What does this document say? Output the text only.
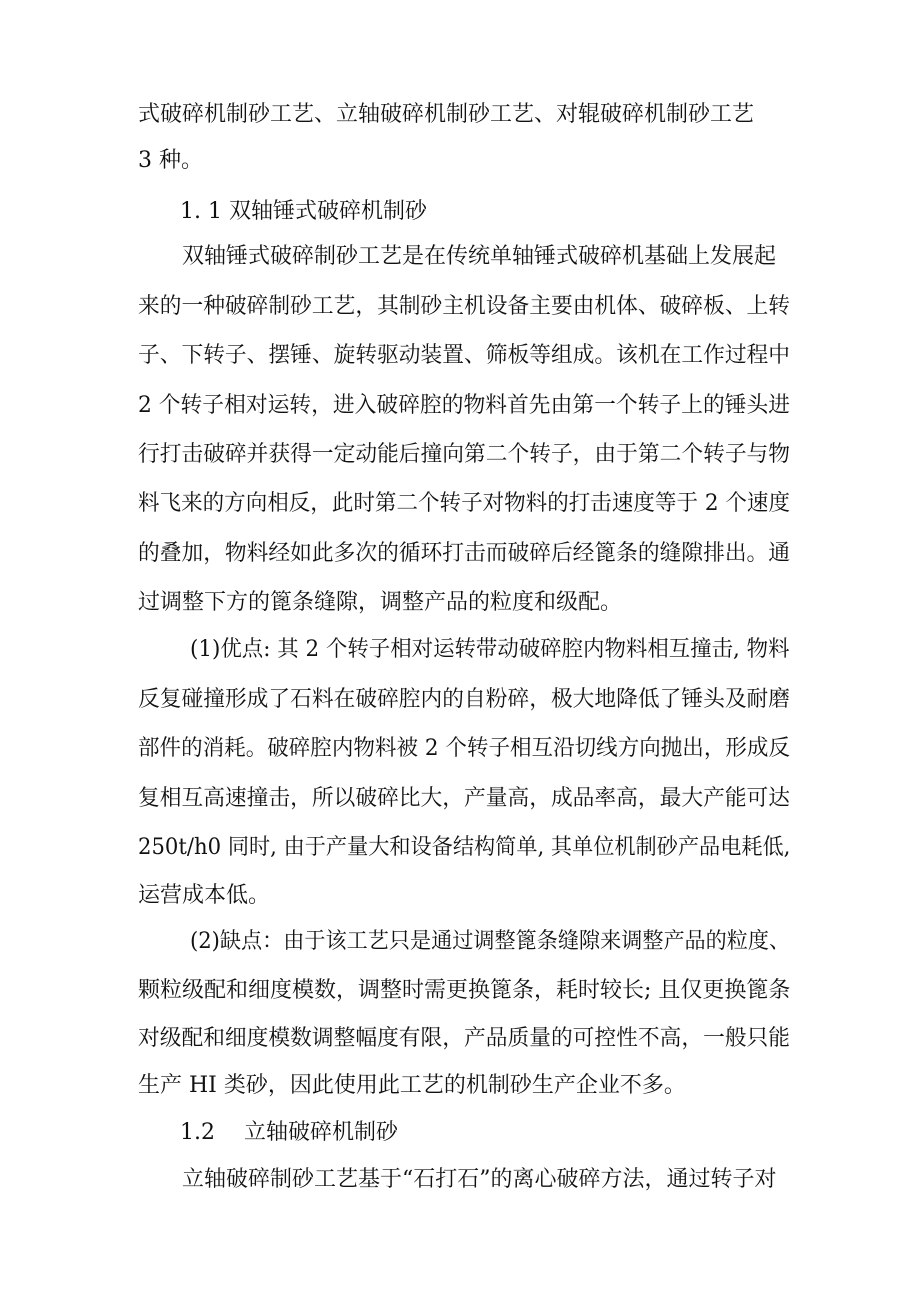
式破碎机制砂工艺、立轴破碎机制砂工艺、对辊破碎机制砂工艺
3 种。
1. 1 双轴锤式破碎机制砂
双轴锤式破碎制砂工艺是在传统单轴锤式破碎机基础上发展起
来的一种破碎制砂工艺，其制砂主机设备主要由机体、破碎板、上转
子、下转子、摆锤、旋转驱动装置、筛板等组成。该机在工作过程中
2 个转子相对运转，进入破碎腔的物料首先由第一个转子上的锤头进
行打击破碎并获得一定动能后撞向第二个转子，由于第二个转子与物
料飞来的方向相反，此时第二个转子对物料的打击速度等于 2 个速度
的叠加，物料经如此多次的循环打击而破碎后经篦条的缝隙排出。通
过调整下方的篦条缝隙，调整产品的粒度和级配。
(1)优点: 其 2 个转子相对运转带动破碎腔内物料相互撞击, 物料
反复碰撞形成了石料在破碎腔内的自粉碎，极大地降低了锤头及耐磨
部件的消耗。破碎腔内物料被 2 个转子相互沿切线方向抛出，形成反
复相互高速撞击，所以破碎比大，产量高，成品率高，最大产能可达
250t/h0 同时, 由于产量大和设备结构简单, 其单位机制砂产品电耗低,
运营成本低。
(2)缺点：由于该工艺只是通过调整篦条缝隙来调整产品的粒度、
颗粒级配和细度模数，调整时需更换篦条，耗时较长; 且仅更换篦条
对级配和细度模数调整幅度有限，产品质量的可控性不高，一般只能
生产 HI 类砂，因此使用此工艺的机制砂生产企业不多。
1.2　 立轴破碎机制砂
立轴破碎制砂工艺基于“石打石”的离心破碎方法，通过转子对
